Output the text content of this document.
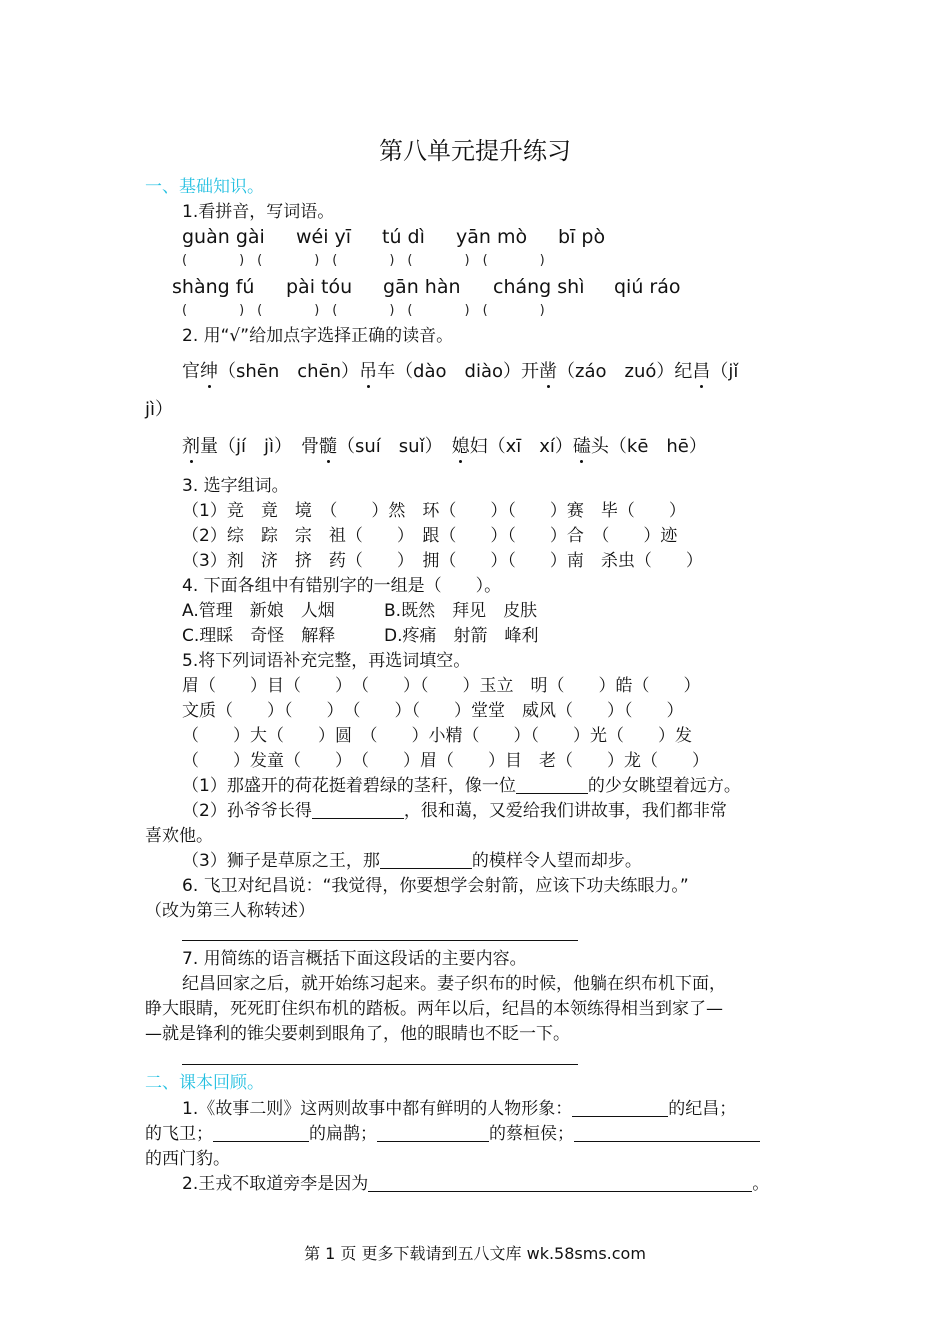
第八单元提升练习
一、基础知识。
1.看拼音，写词语。
guàn gài wéi yī tú dì yān mò bī pò
(　　　　)　(　　　　)　(　　　　)　(　　　　)　(　　　　)
shàng fú pài tóu gān hàn cháng shì qiú ráo
(　　　　)　(　　　　)　(　　　　)　(　　　　)　(　　　　)
2. 用“√”给加点字选择正确的读音。
官绅（shēn　chēn）吊车（dào　diào）开凿（záo　zuó）纪昌（jǐ
jì）
剂量（jí　jì）　 骨髓（suí　suǐ）　 媳妇（xī　xí）磕头（kē　hē）
3. 选字组词。
（1）竞　竟　境　（　　）然　环（　　）（　　）赛　毕（　　）
（2）综　踪　宗　祖（　　）　跟（　　）（　　）合　（　　）迹
（3）剂　济　挤　药（　　）　拥（　　）（　　）南　杀虫（　　）
4. 下面各组中有错别字的一组是（　　）。
A.管理　新娘　人烟	B.既然　拜见　皮肤
C.理睬　奇怪　解释	D.疼痛　射箭　峰利
5.将下列词语补充完整，再选词填空。
眉（　　）目（　　）　（　　）（　　）玉立　明（　　）皓（　　）
文质（　　）（　　）　（　　）（　　）堂堂　威风（　　）（　　）
（　　）大（　　）圆　（　　）小精（　　）（　　）光（　　）发
（　　）发童（　　）　（　　）眉（　　）目　老（　　）龙（　　）
（1）那盛开的荷花挺着碧绿的茎秆，像一位	的少女眺望着远方。
（2）孙爷爷长得	，很和蔼，又爱给我们讲故事，我们都非常
喜欢他。
（3）狮子是草原之王，那	的模样令人望而却步。
6. 飞卫对纪昌说：“我觉得，你要想学会射箭，应该下功夫练眼力。”
（改为第三人称转述）
7. 用简练的语言概括下面这段话的主要内容。
纪昌回家之后，就开始练习起来。妻子织布的时候，他躺在织布机下面，
睁大眼睛，死死盯住织布机的踏板。两年以后，纪昌的本领练得相当到家了—
—就是锋利的锥尖要刺到眼角了，他的眼睛也不眨一下。
二、课本回顾。
1.《故事二则》这两则故事中都有鲜明的人物形象：	的纪昌；
的飞卫；	的扁鹊；	的蔡桓侯；
的西门豹。
2.王戎不取道旁李是因为	。
第 1 页 更多下载请到五八文库 wk.58sms.com
